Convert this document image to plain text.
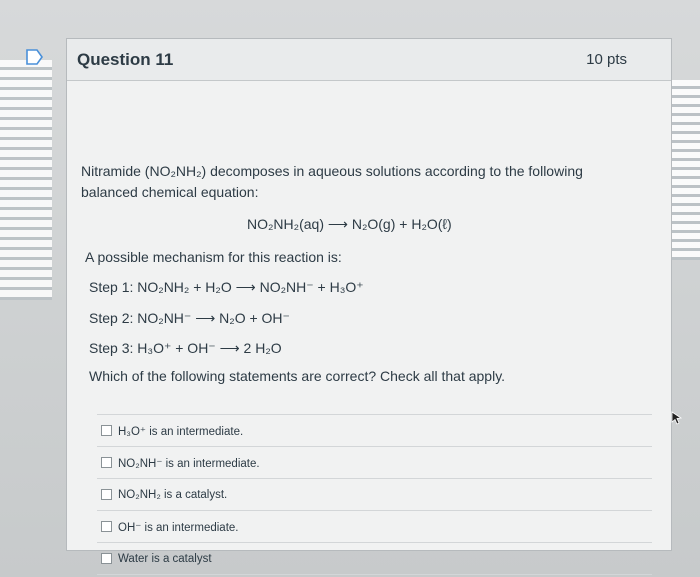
Question 11	10 pts
Nitramide (NO₂NH₂) decomposes in aqueous solutions according to the following
balanced chemical equation:
NO₂NH₂(aq) ⟶ N₂O(g) + H₂O(ℓ)
A possible mechanism for this reaction is:
Step 1: NO₂NH₂ + H₂O ⟶ NO₂NH⁻ + H₃O⁺
Step 2: NO₂NH⁻ ⟶ N₂O + OH⁻
Step 3: H₃O⁺ + OH⁻ ⟶ 2 H₂O
Which of the following statements are correct? Check all that apply.
H₃O⁺ is an intermediate.
NO₂NH⁻ is an intermediate.
NO₂NH₂ is a catalyst.
OH⁻ is an intermediate.
Water is a catalyst
